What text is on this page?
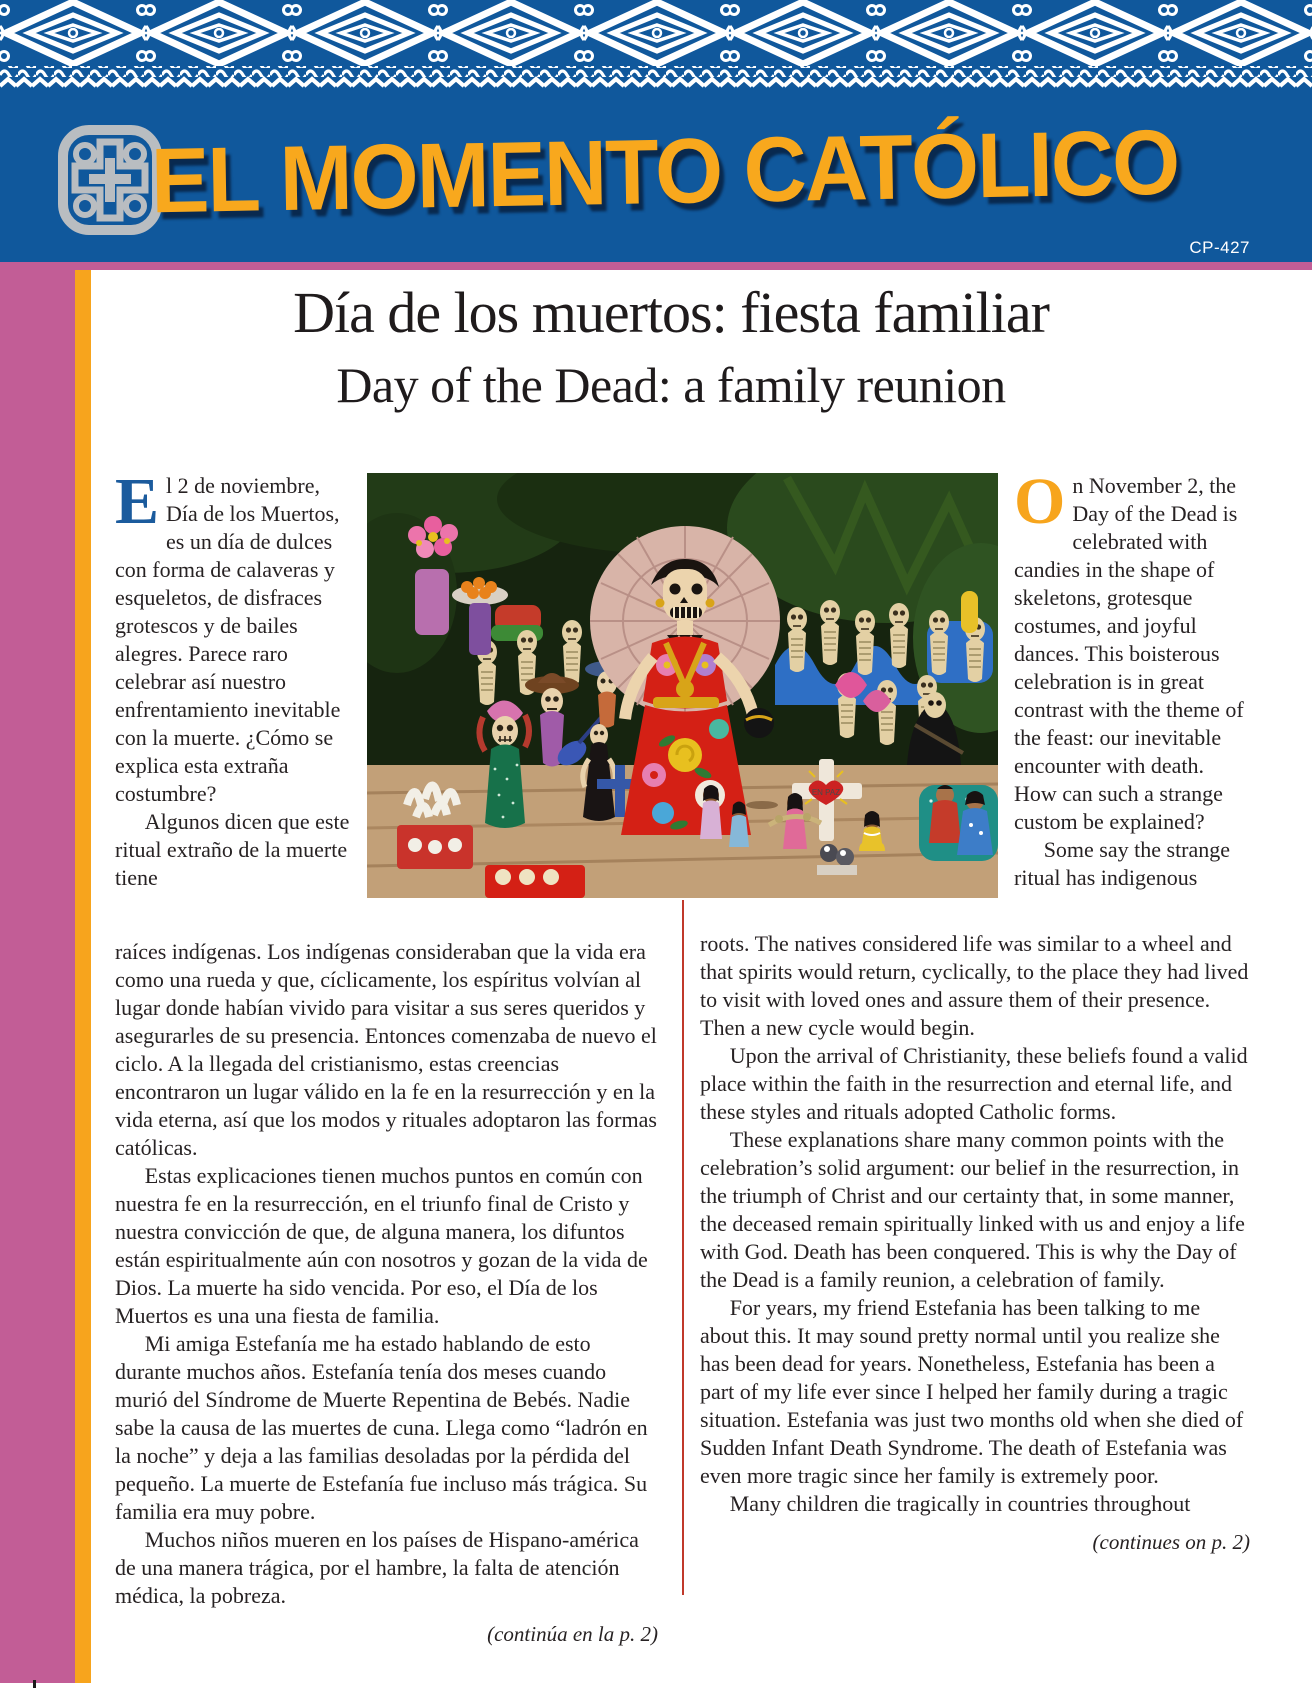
EL MOMENTO CATÓLICO
CP-427
Día de los muertos: fiesta familiar
Day of the Dead: a family reunion
EN PAZ

El 2 de noviembre, Día de los Muertos, es un día de dulces con forma de calaveras y esqueletos, de disfraces grotescos y de bailes alegres. Parece raro celebrar así nuestro enfrentamiento inevitable con la muerte. ¿Cómo se explica esta extraña costumbre?

Algunos dicen que este ritual extraño de la muerte tiene

On November 2, the Day of the Dead is celebrated with candies in the shape of skeletons, grotesque costumes, and joyful dances. This boisterous celebration is in great contrast with the theme of the feast: our inevitable encounter with death. How can such a strange custom be explained?

Some say the strange ritual has indigenous

raíces indígenas. Los indígenas consideraban que la vida era como una rueda y que, cíclicamente, los espíritus volvían al lugar donde habían vivido para visitar a sus seres queridos y asegurarles de su presencia. Entonces comenzaba de nuevo el ciclo. A la llegada del cristianismo, estas creencias encontraron un lugar válido en la fe en la resurrección y en la vida eterna, así que los modos y rituales adoptaron las formas católicas.

Estas explicaciones tienen muchos puntos en común con nuestra fe en la resurrección, en el triunfo final de Cristo y nuestra convicción de que, de alguna manera, los difuntos están espiritualmente aún con nosotros y gozan de la vida de Dios. La muerte ha sido vencida. Por eso, el Día de los Muertos es una una fiesta de familia.

Mi amiga Estefanía me ha estado hablando de esto durante muchos años. Estefanía tenía dos meses cuando murió del Síndrome de Muerte Repentina de Bebés. Nadie sabe la causa de las muertes de cuna. Llega como “ladrón en la noche” y deja a las familias desoladas por la pérdida del pequeño. La muerte de Estefanía fue incluso más trágica. Su familia era muy pobre.

Muchos niños mueren en los países de Hispano-américa de una manera trágica, por el hambre, la falta de atención médica, la pobreza.

(continúa en la p. 2)

roots. The natives considered life was similar to a wheel and that spirits would return, cyclically, to the place they had lived to visit with loved ones and assure them of their presence. Then a new cycle would begin.

Upon the arrival of Christianity, these beliefs found a valid place within the faith in the resurrection and eternal life, and these styles and rituals adopted Catholic forms.

These explanations share many common points with the celebration’s solid argument: our belief in the resurrection, in the triumph of Christ and our certainty that, in some manner, the deceased remain spiritually linked with us and enjoy a life with God. Death has been conquered. This is why the Day of the Dead is a family reunion, a celebration of family.

For years, my friend Estefania has been talking to me about this. It may sound pretty normal until you realize she has been dead for years. Nonetheless, Estefania has been a part of my life ever since I helped her family during a tragic situation. Estefania was just two months old when she died of Sudden Infant Death Syndrome. The death of Estefania was even more tragic since her family is extremely poor.

Many children die tragically in countries throughout

(continues on p. 2)
